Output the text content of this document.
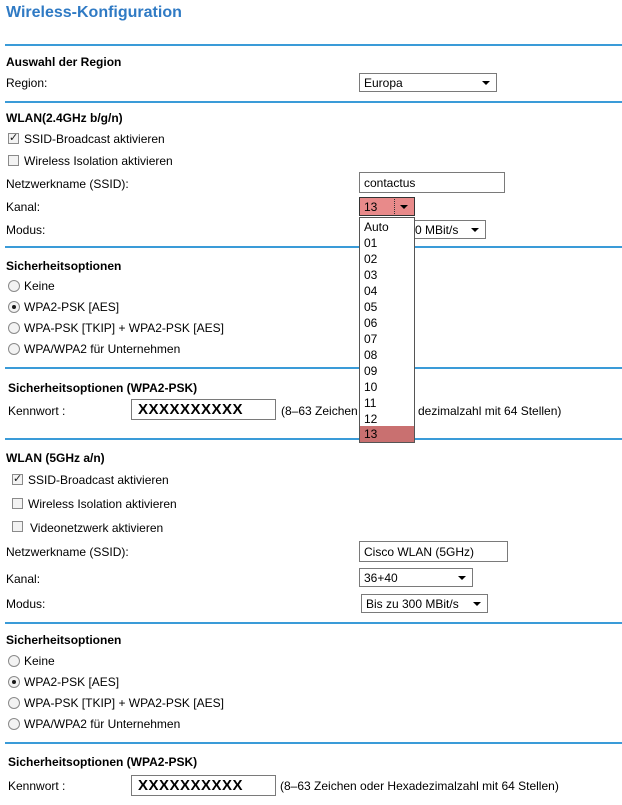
Wireless-Konfiguration
Auswahl der Region
Region:	Europa
WLAN(2.4GHz b/g/n)
✓
SSID-Broadcast aktivieren
Wireless Isolation aktivieren
Netzwerkname (SSID):	contactus
Kanal:	13
Modus:	0 MBit/s
Sicherheitsoptionen
Keine
WPA2-PSK [AES]
WPA-PSK [TKIP] + WPA2-PSK [AES]
WPA/WPA2 für Unternehmen
Sicherheitsoptionen (WPA2-PSK)
Kennwort :	XXXXXXXXXX	(8–63 Zeichen	dezimalzahl mit 64 Stellen)
WLAN (5GHz a/n)
✓
SSID-Broadcast aktivieren
Wireless Isolation aktivieren
Videonetzwerk aktivieren
Netzwerkname (SSID):	Cisco WLAN (5GHz)
Kanal:	36+40
Modus:	Bis zu 300 MBit/s
Sicherheitsoptionen
Keine
WPA2-PSK [AES]
WPA-PSK [TKIP] + WPA2-PSK [AES]
WPA/WPA2 für Unternehmen
Sicherheitsoptionen (WPA2-PSK)
Kennwort :	XXXXXXXXXX	(8–63 Zeichen oder Hexadezimalzahl mit 64 Stellen)
Auto
01
02
03
04
05
06
07
08
09
10
11
12
13
